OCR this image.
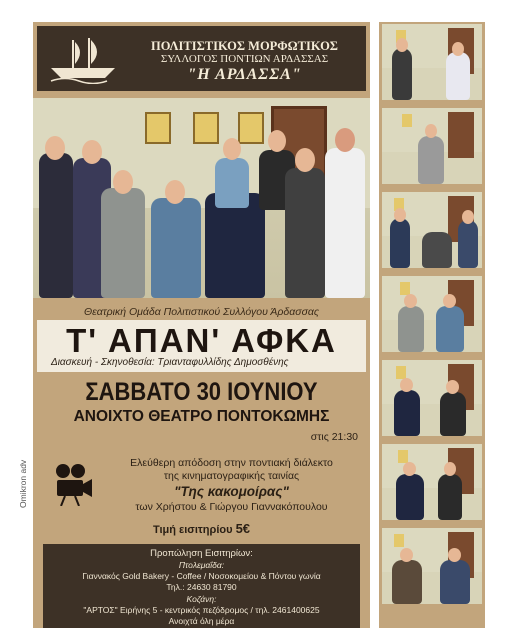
ΠΟΛΙΤΙΣΤΙΚΟΣ ΜΟΡΦΩΤΙΚΟΣ
ΣΥΛΛΟΓΟΣ ΠΟΝΤΙΩΝ ΑΡΔΑΣΣΑΣ
"Η ΑΡΔΑΣΣΑ"
Θεατρική Ομάδα Πολιτιστικού Συλλόγου Άρδασσας
Τ' ΑΠΑΝ' ΑΦΚΑ
Διασκευή - Σκηνοθεσία: Τριανταφυλλίδης Δημοσθένης
ΣΑΒΒΑΤΟ 30 ΙΟΥΝΙΟΥ
ΑΝΟΙΧΤΟ ΘΕΑΤΡΟ ΠΟΝΤΟΚΩΜΗΣ
στις 21:30
Ελεύθερη απόδοση στην ποντιακή διάλεκτο
της κινηματογραφικής ταινίας
"Της κακομοίρας"
των Χρήστου & Γιώργου Γιαννακόπουλου
Τιμή εισιτηρίου 5€
Προπώληση Εισιτηρίων:
Πτολεμαΐδα:
Γιαννακός Gold Bakery - Coffee / Νοσοκομείου & Πόντου γωνία
Τηλ.: 24630 81790
Κοζάνη:
"ΑΡΤΟΣ" Ειρήνης 5 - κεντρικός πεζόδρομος / τηλ. 2461400625
Ανοιχτά όλη μέρα
Omikron adv
